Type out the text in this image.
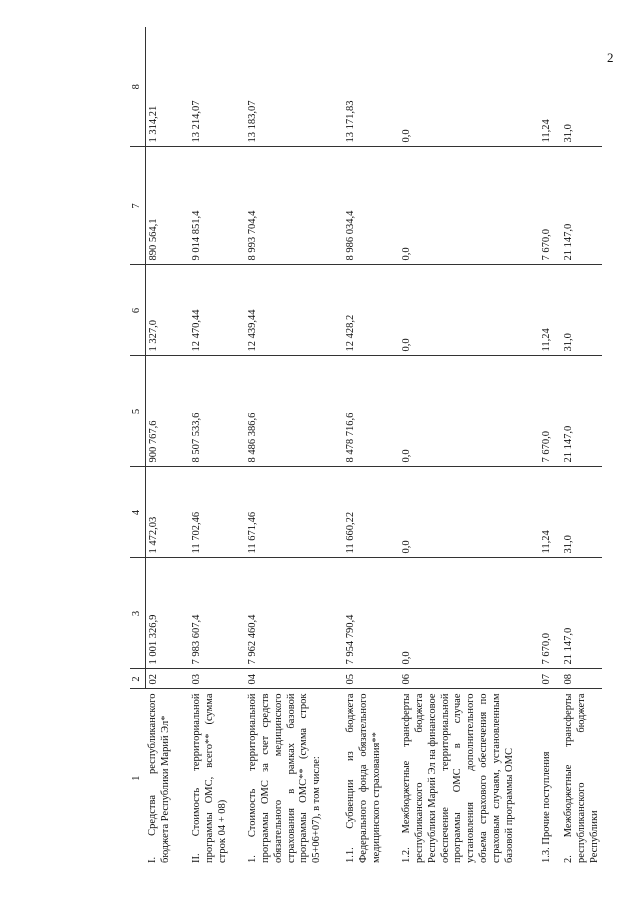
2
1	2	3	4	5	6	7	8
I. Средства республиканского бюджета Республики Марий Эл*	02	1 001 326,9	1 472,03	900 767,6	1 327,0	890 564,1	1 314,21
II. Стоимость территориальной программы ОМС, всего** (сумма строк 04 + 08)	03	7 983 607,4	11 702,46	8 507 533,6	12 470,44	9 014 851,4	13 214,07
1. Стоимость территориальной программы ОМС за счет средств обязательного медицинского страхования в рамках базовой программы ОМС** (сумма строк 05+06+07), в том числе:	04	7 962 460,4	11 671,46	8 486 386,6	12 439,44	8 993 704,4	13 183,07
1.1. Субвенции из бюджета Федерального фонда обязательного медицинского страхования**	05	7 954 790,4	11 660,22	8 478 716,6	12 428,2	8 986 034,4	13 171,83
1.2. Межбюджетные трансферты республиканского бюджета Республики Марий Эл на финансовое обеспечение территориальной программы ОМС в случае установления дополнительного объема страхового обеспечения по страховым случаям, установленным базовой программы ОМС	06	0,0	0,0	0,0	0,0	0,0	0,0
1.3. Прочие поступления	07	7 670,0	11,24	7 670,0	11,24	7 670,0	11,24
2. Межбюджетные трансферты республиканского бюджета Республики	08	21 147,0	31,0	21 147,0	31,0	21 147,0	31,0
